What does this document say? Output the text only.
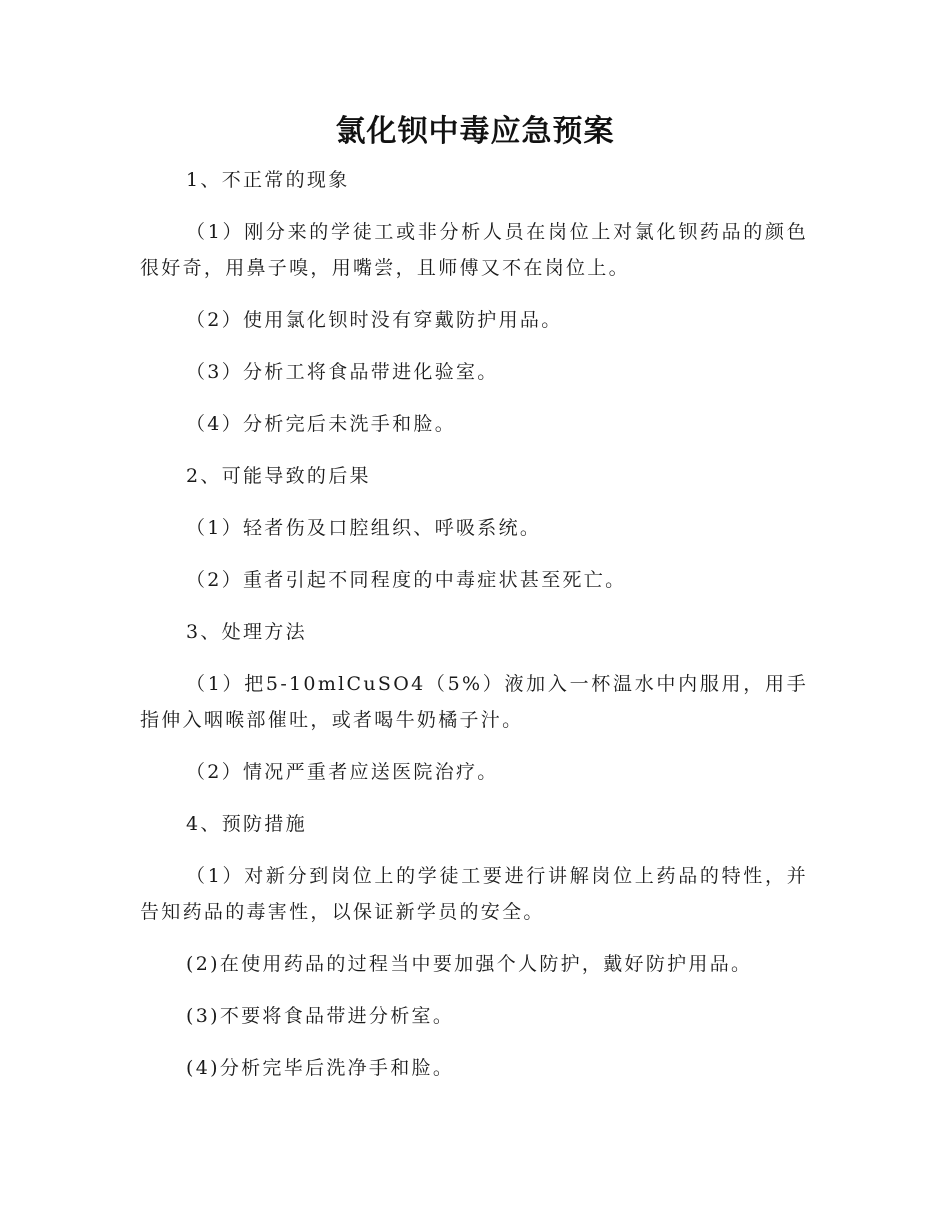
氯化钡中毒应急预案

1、不正常的现象

（1）刚分来的学徒工或非分析人员在岗位上对氯化钡药品的颜色很好奇，用鼻子嗅，用嘴尝，且师傅又不在岗位上。

（2）使用氯化钡时没有穿戴防护用品。

（3）分析工将食品带进化验室。

（4）分析完后未洗手和脸。

2、可能导致的后果

（1）轻者伤及口腔组织、呼吸系统。

（2）重者引起不同程度的中毒症状甚至死亡。

3、处理方法

（1）把5-10mlCuSO4（5%）液加入一杯温水中内服用，用手指伸入咽喉部催吐，或者喝牛奶橘子汁。

（2）情况严重者应送医院治疗。

4、预防措施

（1）对新分到岗位上的学徒工要进行讲解岗位上药品的特性，并告知药品的毒害性，以保证新学员的安全。

(2)在使用药品的过程当中要加强个人防护，戴好防护用品。

(3)不要将食品带进分析室。

(4)分析完毕后洗净手和脸。
